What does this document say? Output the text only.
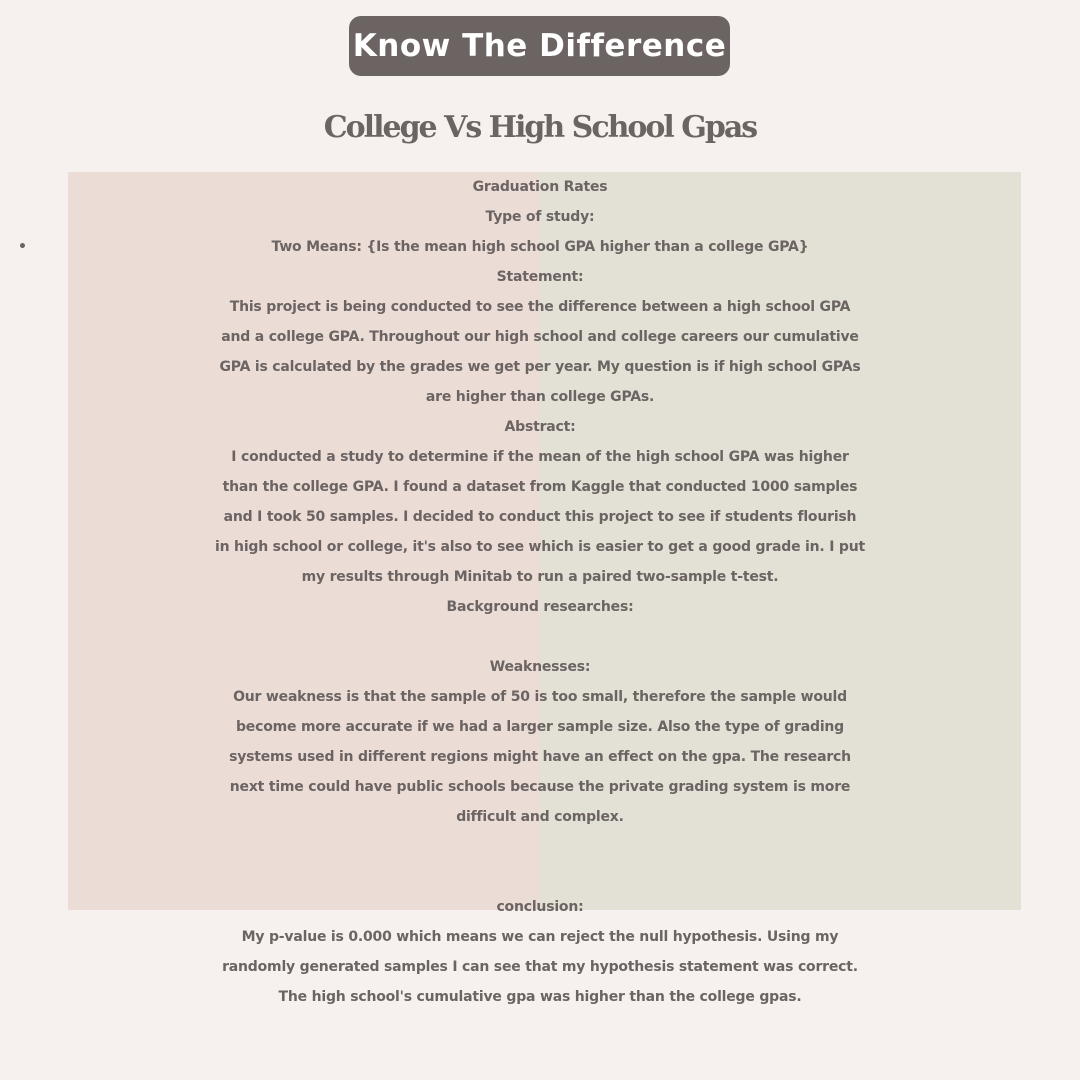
Know The Difference
College Vs High School Gpas
Graduation Rates
Type of study:
•	Two Means: {Is the mean high school GPA higher than a college GPA}
Statement:
This project is being conducted to see the difference between a high school GPA
and a college GPA. Throughout our high school and college careers our cumulative
GPA is calculated by the grades we get per year. My question is if high school GPAs
are higher than college GPAs.
Abstract:
I conducted a study to determine if the mean of the high school GPA was higher
than the college GPA. I found a dataset from Kaggle that conducted 1000 samples
and I took 50 samples. I decided to conduct this project to see if students flourish
in high school or college, it's also to see which is easier to get a good grade in. I put
my results through Minitab to run a paired two-sample t-test.
Background researches:
Weaknesses:
Our weakness is that the sample of 50 is too small, therefore the sample would
become more accurate if we had a larger sample size. Also the type of grading
systems used in different regions might have an effect on the gpa. The research
next time could have public schools because the private grading system is more
difficult and complex.
conclusion:
My p-value is 0.000 which means we can reject the null hypothesis. Using my
randomly generated samples I can see that my hypothesis statement was correct.
The high school's cumulative gpa was higher than the college gpas.
